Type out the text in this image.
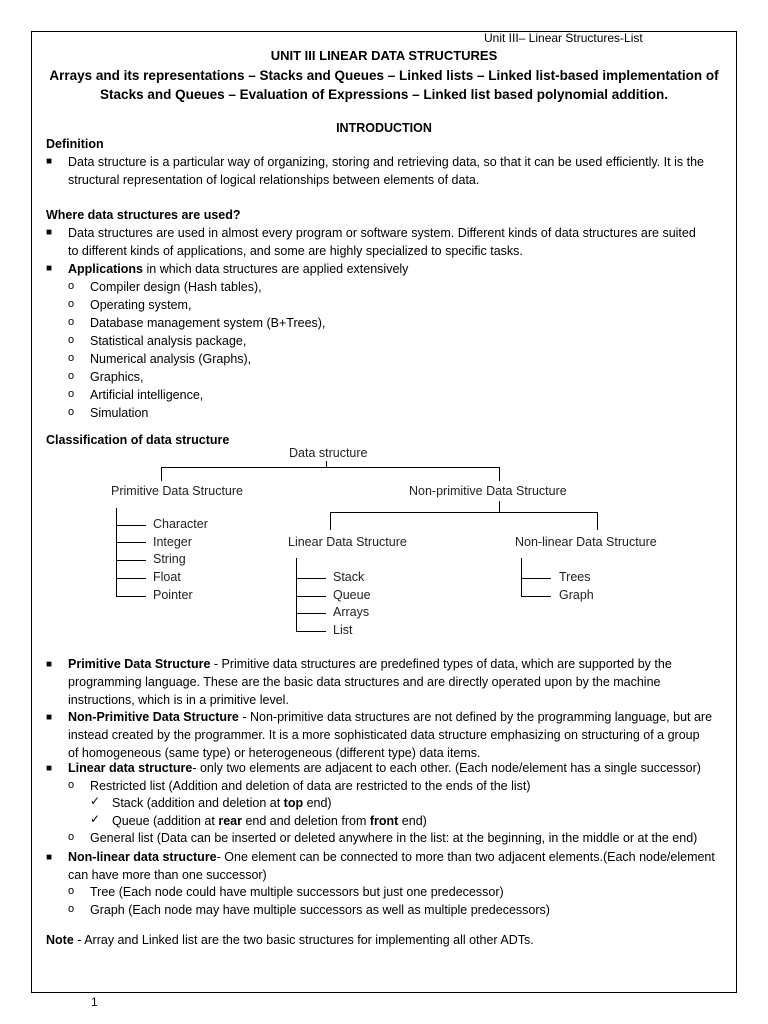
Unit III– Linear Structures-List
UNIT III LINEAR DATA STRUCTURES
Arrays and its representations – Stacks and Queues – Linked lists – Linked list-based implementation of
Stacks and Queues – Evaluation of Expressions – Linked list based polynomial addition.
INTRODUCTION
Definition
■ Data structure is a particular way of organizing, storing and retrieving data, so that it can be used efficiently. It is the
structural representation of logical relationships between elements of data.
Where data structures are used?
■ Data structures are used in almost every program or software system. Different kinds of data structures are suited
to different kinds of applications, and some are highly specialized to specific tasks.
■ Applications in which data structures are applied extensively
o Compiler design (Hash tables),
o Operating system,
o Database management system (B+Trees),
o Statistical analysis package,
o Numerical analysis (Graphs),
o Graphics,
o Artificial intelligence,
o Simulation
Classification of data structure
Data structure
Primitive Data Structure	Non-primitive Data Structure
Character
Integer
String
Float
Pointer
Linear Data Structure	Non-linear Data Structure
Stack
Queue
Arrays
List
Trees
Graph
■ Primitive Data Structure - Primitive data structures are predefined types of data, which are supported by the
programming language. These are the basic data structures and are directly operated upon by the machine
instructions, which is in a primitive level.
■ Non-Primitive Data Structure - Non-primitive data structures are not defined by the programming language, but are
instead created by the programmer. It is a more sophisticated data structure emphasizing on structuring of a group
of homogeneous (same type) or heterogeneous (different type) data items.
■ Linear data structure- only two elements are adjacent to each other. (Each node/element has a single successor)
o Restricted list (Addition and deletion of data are restricted to the ends of the list)
✓ Stack (addition and deletion at top end)
✓ Queue (addition at rear end and deletion from front end)
o General list (Data can be inserted or deleted anywhere in the list: at the beginning, in the middle or at the end)
■ Non-linear data structure- One element can be connected to more than two adjacent elements.(Each node/element
can have more than one successor)
o Tree (Each node could have multiple successors but just one predecessor)
o Graph (Each node may have multiple successors as well as multiple predecessors)
Note - Array and Linked list are the two basic structures for implementing all other ADTs.
1
